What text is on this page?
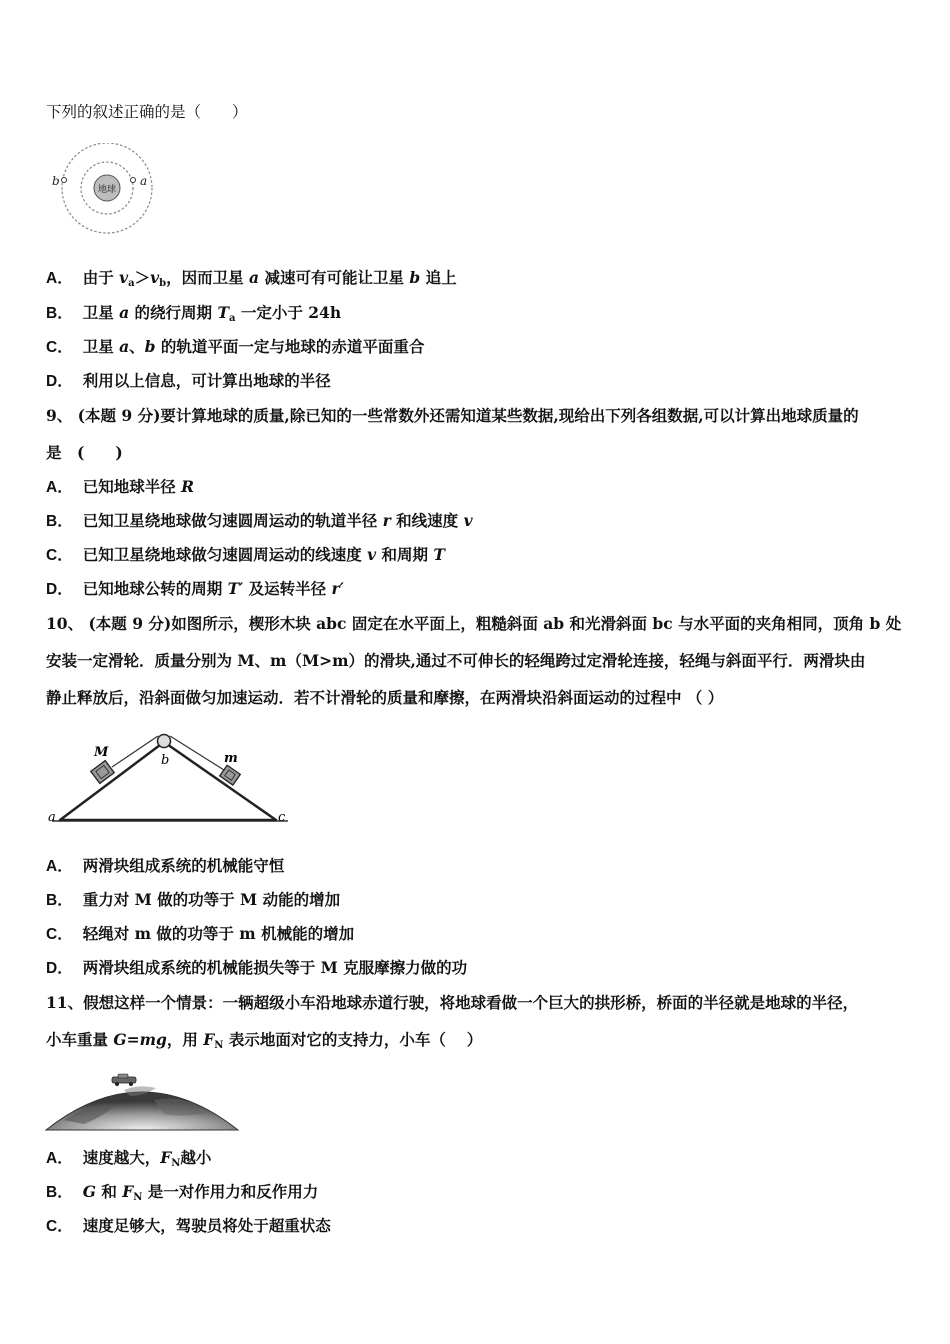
下列的叙述正确的是（　　）
地球
a
b
A． 由于 $v_a>v_b$，因而卫星 a 减速可有可能让卫星 b 追上
B． 卫星 a 的绕行周期 $T_a$ 一定小于 24h
C． 卫星 a、b 的轨道平面一定与地球的赤道平面重合
D． 利用以上信息，可计算出地球的半径
9、 (本题 9 分)要计算地球的质量,除已知的一些常数外还需知道某些数据,现给出下列各组数据,可以计算出地球质量的
是　(　　)
A． 已知地球半径 R
B． 已知卫星绕地球做匀速圆周运动的轨道半径 r 和线速度 v
C． 已知卫星绕地球做匀速圆周运动的线速度 v 和周期 T
D． 已知地球公转的周期 T′ 及运转半径 r′
10、 (本题 9 分)如图所示，楔形木块 abc 固定在水平面上，粗糙斜面 ab 和光滑斜面 bc 与水平面的夹角相同，顶角 b 处
安装一定滑轮．质量分别为 M、m（M>m）的滑块,通过不可伸长的轻绳跨过定滑轮连接，轻绳与斜面平行．两滑块由
静止释放后，沿斜面做匀加速运动．若不计滑轮的质量和摩擦，在两滑块沿斜面运动的过程中 （ ）
M	m
b
a	c
A． 两滑块组成系统的机械能守恒
B． 重力对 M 做的功等于 M 动能的增加
C． 轻绳对 m 做的功等于 m 机械能的增加
D． 两滑块组成系统的机械能损失等于 M 克服摩擦力做的功
11、假想这样一个情景：一辆超级小车沿地球赤道行驶，将地球看做一个巨大的拱形桥，桥面的半径就是地球的半径，
小车重量 G=mg，用 $F_N$ 表示地面对它的支持力，小车（　 ）
A． 速度越大，$F_N$越小
B． G 和 $F_N$ 是一对作用力和反作用力
C． 速度足够大，驾驶员将处于超重状态
